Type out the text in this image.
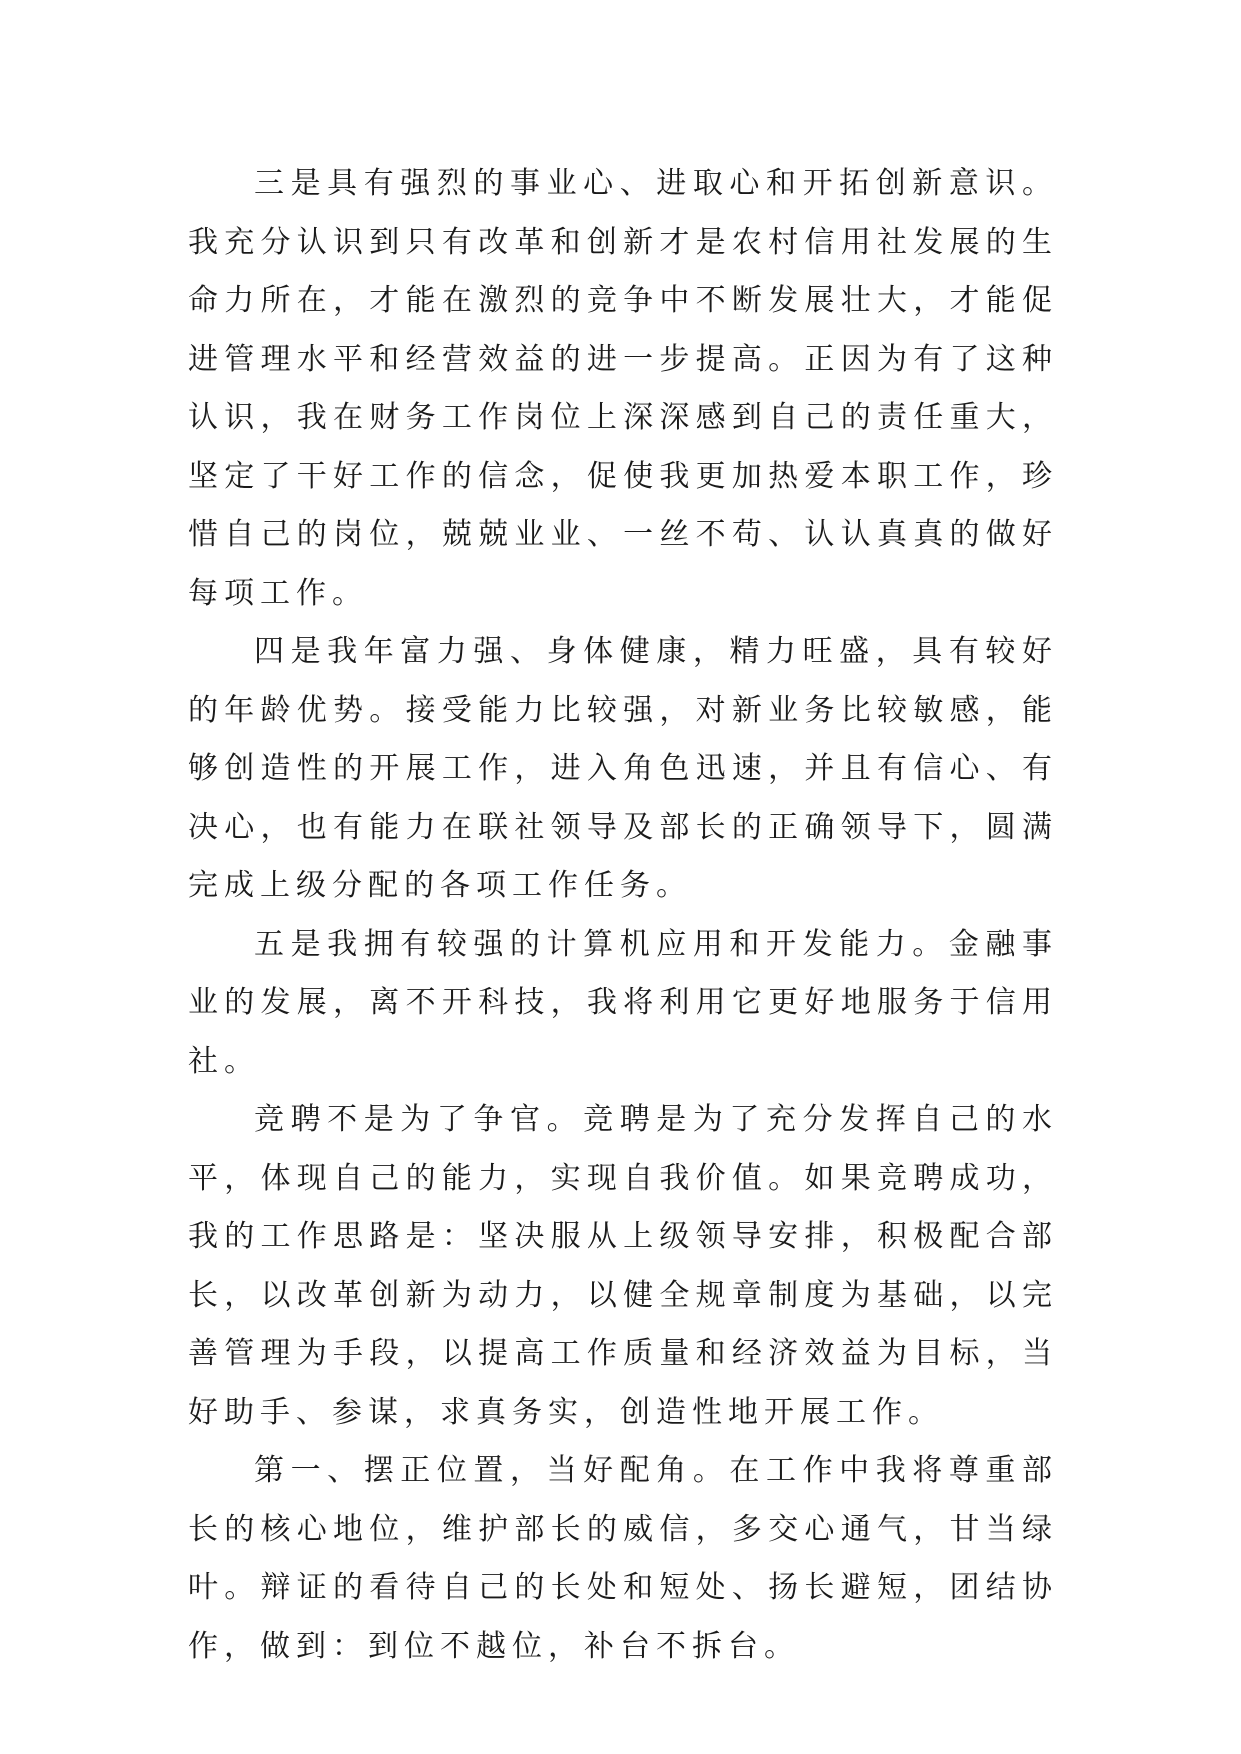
三是具有强烈的事业心、进取心和开拓创新意识。我充分认识到只有改革和创新才是农村信用社发展的生命力所在，才能在激烈的竞争中不断发展壮大，才能促进管理水平和经营效益的进一步提高。正因为有了这种认识，我在财务工作岗位上深深感到自己的责任重大，坚定了干好工作的信念，促使我更加热爱本职工作，珍惜自己的岗位，兢兢业业、一丝不苟、认认真真的做好每项工作。

四是我年富力强、身体健康，精力旺盛，具有较好的年龄优势。接受能力比较强，对新业务比较敏感，能够创造性的开展工作，进入角色迅速，并且有信心、有决心，也有能力在联社领导及部长的正确领导下，圆满完成上级分配的各项工作任务。

五是我拥有较强的计算机应用和开发能力。金融事业的发展，离不开科技，我将利用它更好地服务于信用社。

竞聘不是为了争官。竞聘是为了充分发挥自己的水平，体现自己的能力，实现自我价值。如果竞聘成功，我的工作思路是：坚决服从上级领导安排，积极配合部长，以改革创新为动力，以健全规章制度为基础，以完善管理为手段，以提高工作质量和经济效益为目标，当好助手、参谋，求真务实，创造性地开展工作。

第一、摆正位置，当好配角。在工作中我将尊重部长的核心地位，维护部长的威信，多交心通气，甘当绿叶。辩证的看待自己的长处和短处、扬长避短，团结协作，做到：到位不越位，补台不拆台。
